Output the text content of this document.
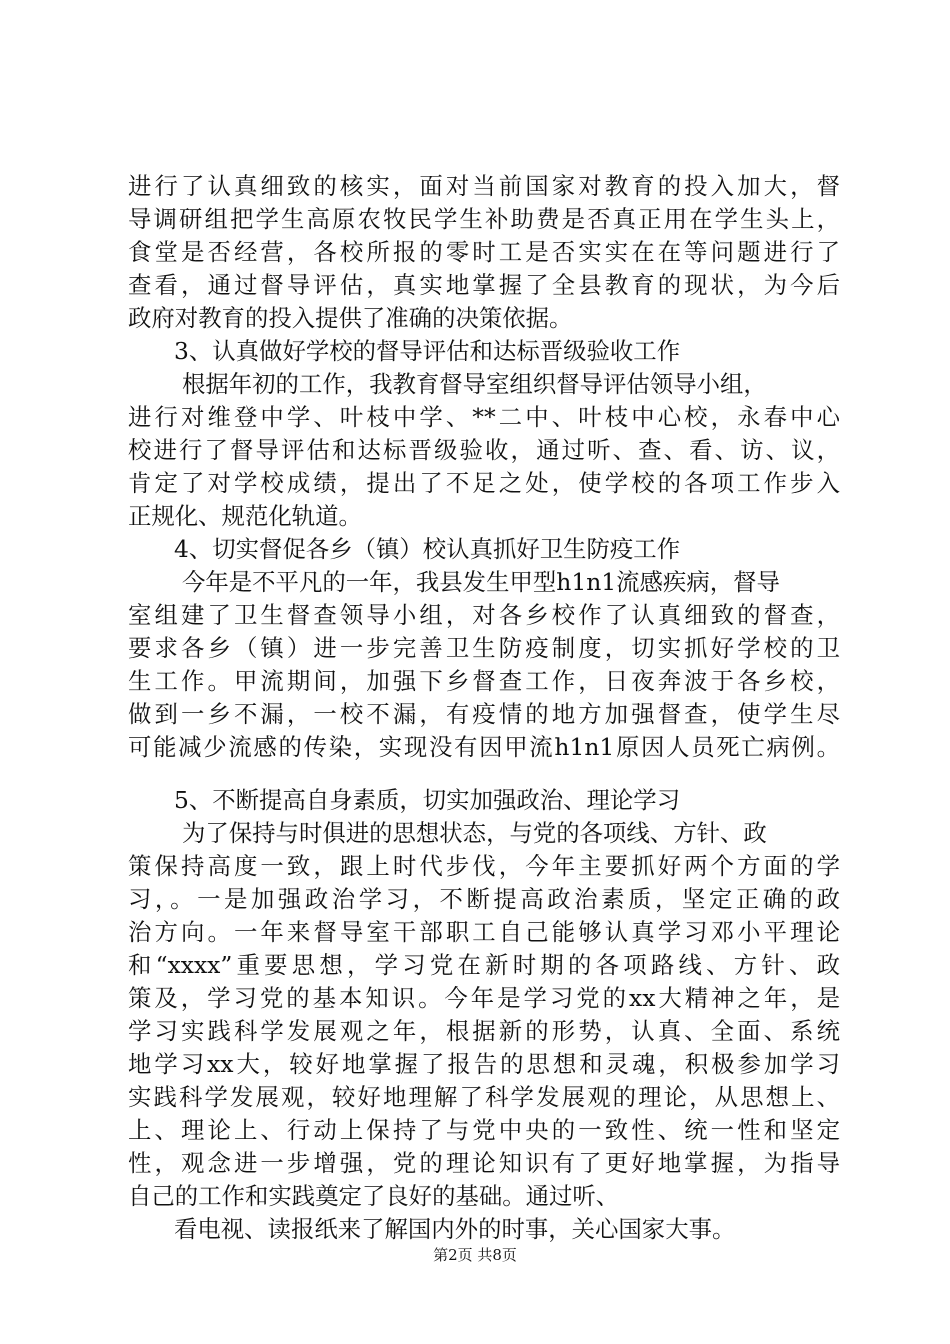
进行了认真细致的核实，面对当前国家对教育的投入加大，督
导调研组把学生高原农牧民学生补助费是否真正用在学生头上，
食堂是否经营，各校所报的零时工是否实实在在等问题进行了
查看，通过督导评估，真实地掌握了全县教育的现状，为今后
政府对教育的投入提供了准确的决策依据。
3、认真做好学校的督导评估和达标晋级验收工作
根据年初的工作，我教育督导室组织督导评估领导小组，
进行对维登中学、叶枝中学、**二中、叶枝中心校，永春中心
校进行了督导评估和达标晋级验收，通过听、查、看、访、议，
肯定了对学校成绩，提出了不足之处，使学校的各项工作步入
正规化、规范化轨道。
4、切实督促各乡（镇）校认真抓好卫生防疫工作
今年是不平凡的一年，我县发生甲型h1n1流感疾病，督导
室组建了卫生督查领导小组，对各乡校作了认真细致的督查，
要求各乡（镇）进一步完善卫生防疫制度，切实抓好学校的卫
生工作。甲流期间，加强下乡督查工作，日夜奔波于各乡校，
做到一乡不漏，一校不漏，有疫情的地方加强督查，使学生尽
可能减少流感的传染，实现没有因甲流h1n1原因人员死亡病例。
5、不断提高自身素质，切实加强政治、理论学习
为了保持与时俱进的思想状态，与党的各项线、方针、政
策保持高度一致，跟上时代步伐，今年主要抓好两个方面的学
习，。一是加强政治学习，不断提高政治素质，坚定正确的政
治方向。一年来督导室干部职工自己能够认真学习邓小平理论
和“xxxx”重要思想，学习党在新时期的各项路线、方针、政
策及，学习党的基本知识。今年是学习党的xx大精神之年，是
学习实践科学发展观之年，根据新的形势，认真、全面、系统
地学习xx大，较好地掌握了报告的思想和灵魂，积极参加学习
实践科学发展观，较好地理解了科学发展观的理论，从思想上、
上、理论上、行动上保持了与党中央的一致性、统一性和坚定
性，观念进一步增强，党的理论知识有了更好地掌握，为指导
自己的工作和实践奠定了良好的基础。通过听、
看电视、读报纸来了解国内外的时事，关心国家大事。
第2页 共8页
